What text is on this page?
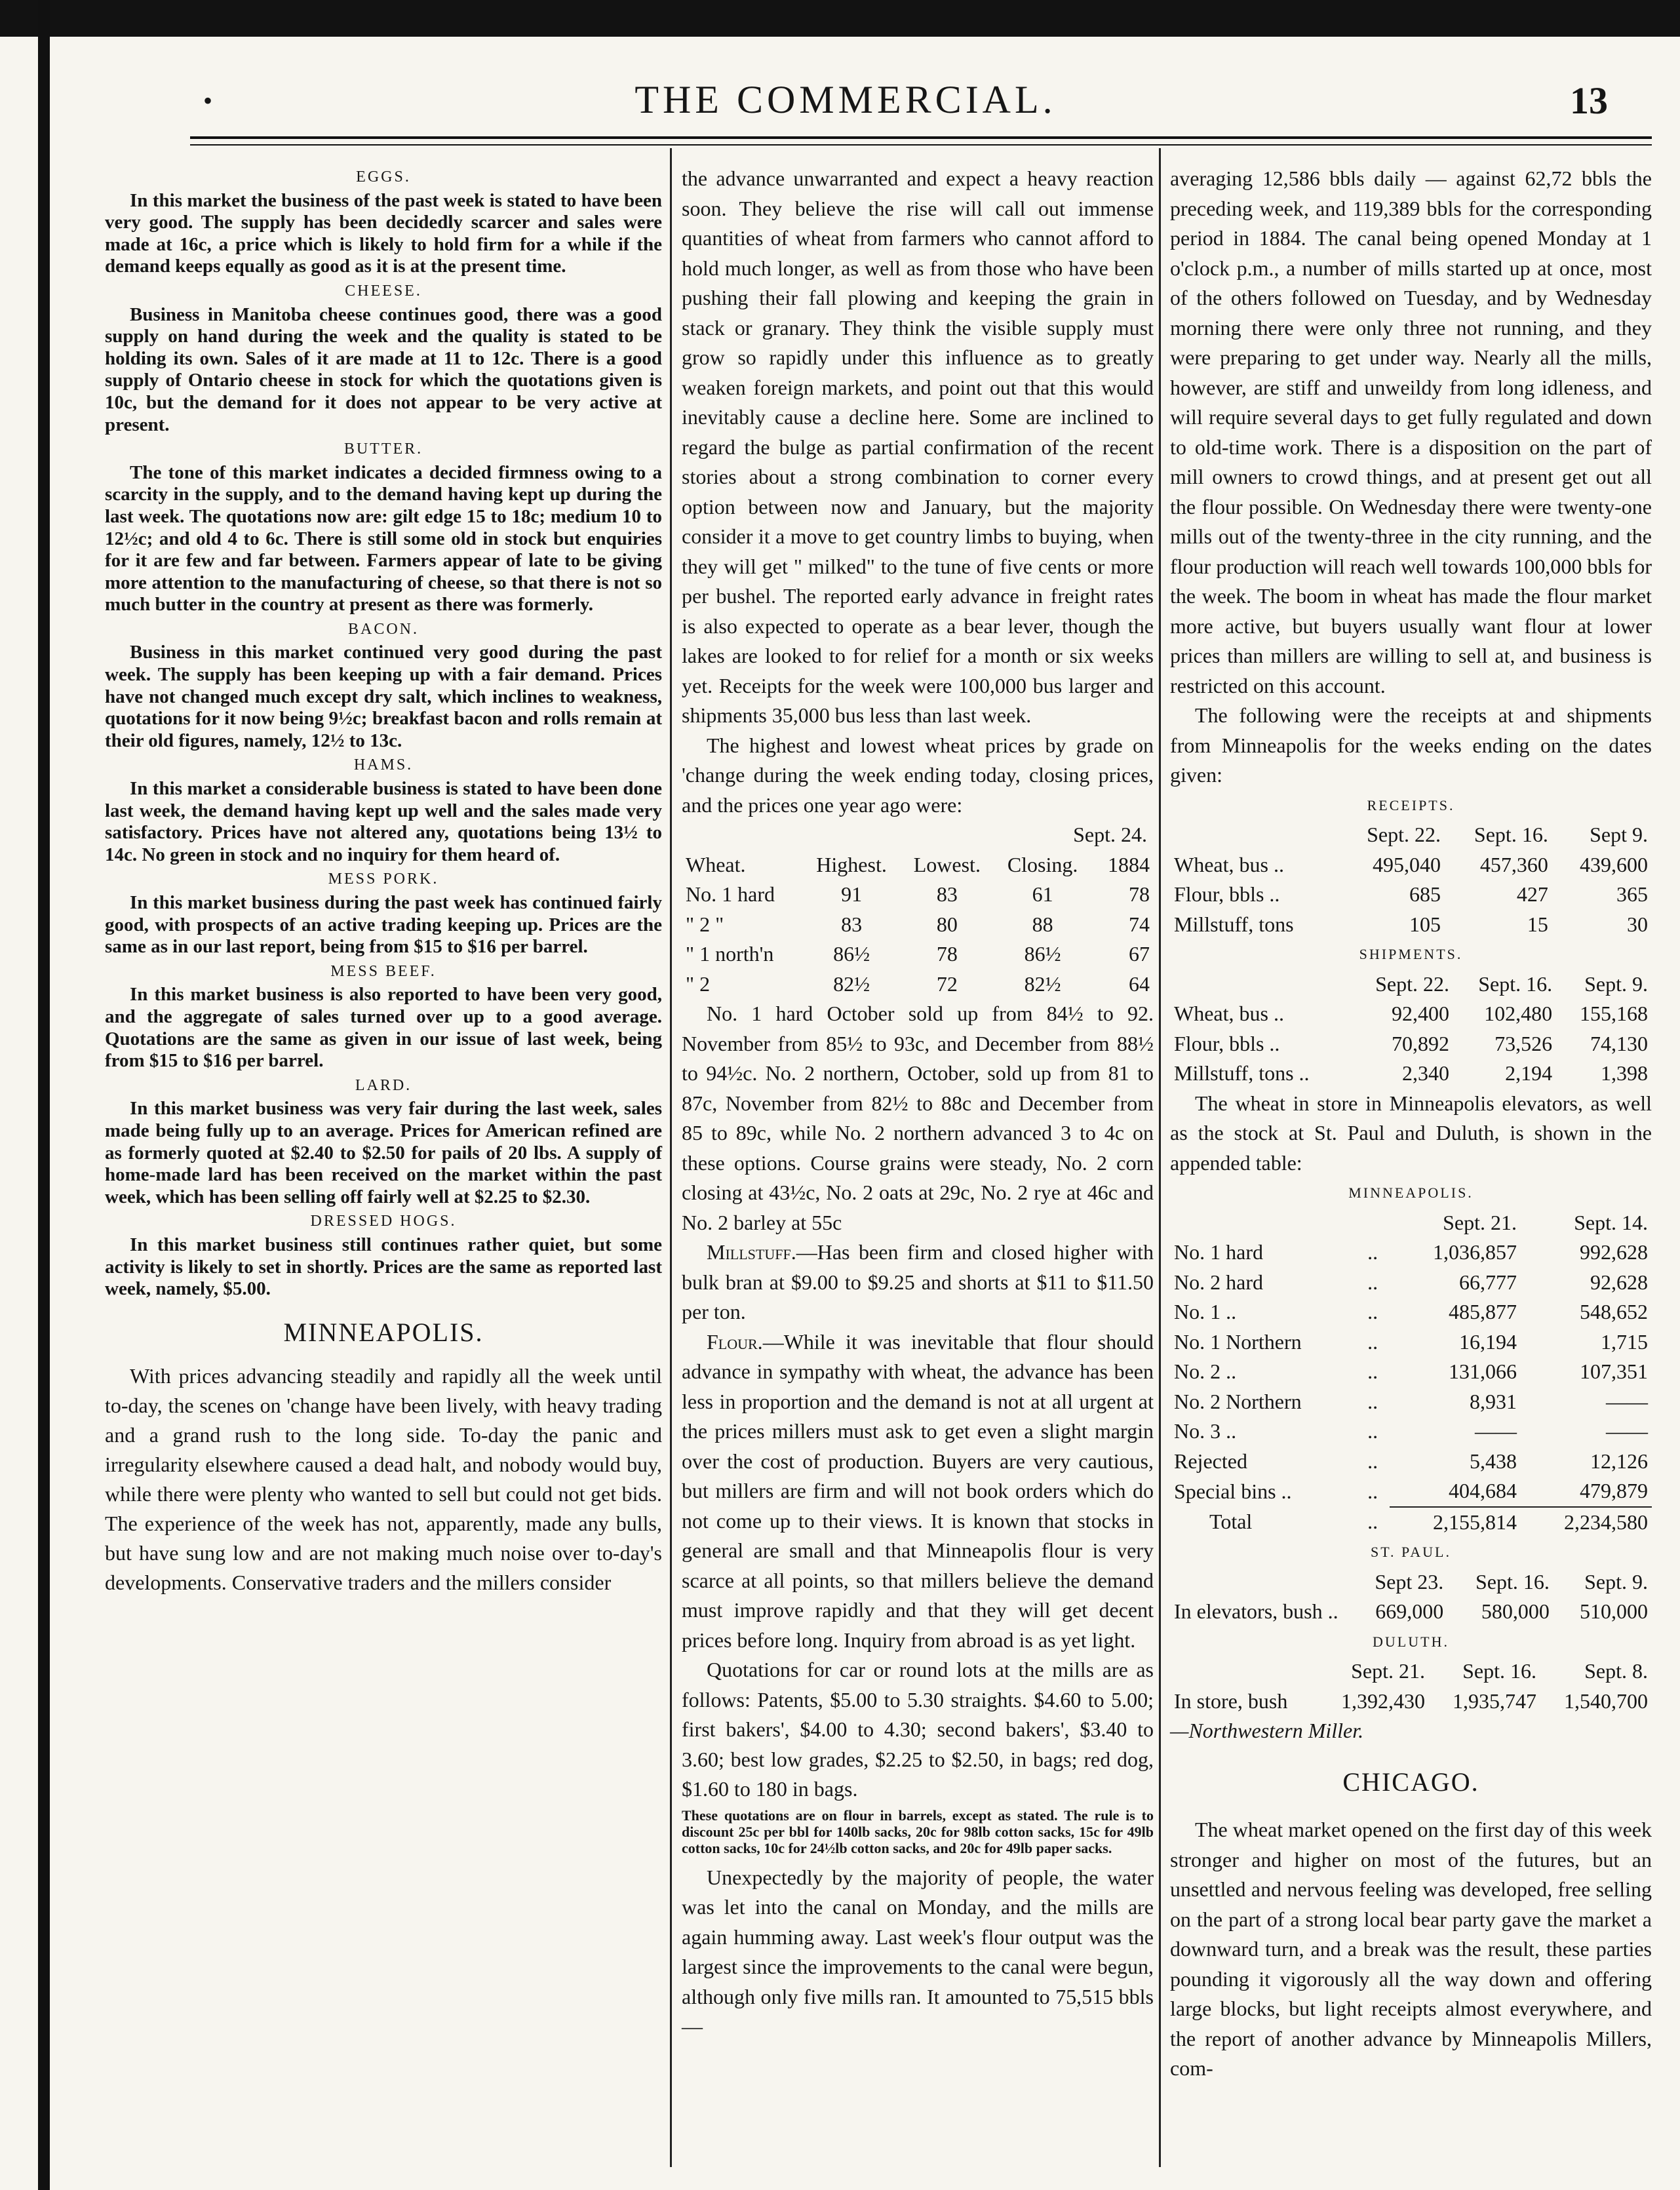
•	THE COMMERCIAL.	13
EGGS.

In this market the business of the past week is stated to have been very good. The supply has been decidedly scarcer and sales were made at 16c, a price which is likely to hold firm for a while if the demand keeps equally as good as it is at the present time.

CHEESE.

Business in Manitoba cheese continues good, there was a good supply on hand during the week and the quality is stated to be holding its own. Sales of it are made at 11 to 12c. There is a good supply of Ontario cheese in stock for which the quotations given is 10c, but the demand for it does not appear to be very active at present.

BUTTER.

The tone of this market indicates a decided firmness owing to a scarcity in the supply, and to the demand having kept up during the last week. The quotations now are: gilt edge 15 to 18c; medium 10 to 12½c; and old 4 to 6c. There is still some old in stock but enquiries for it are few and far between. Farmers appear of late to be giving more attention to the manufacturing of cheese, so that there is not so much butter in the country at present as there was formerly.

BACON.

Business in this market continued very good during the past week. The supply has been keeping up with a fair demand. Prices have not changed much except dry salt, which inclines to weakness, quotations for it now being 9½c; breakfast bacon and rolls remain at their old figures, namely, 12½ to 13c.

HAMS.

In this market a considerable business is stated to have been done last week, the demand having kept up well and the sales made very satisfactory. Prices have not altered any, quotations being 13½ to 14c. No green in stock and no inquiry for them heard of.

MESS PORK.

In this market business during the past week has continued fairly good, with prospects of an active trading keeping up. Prices are the same as in our last report, being from $15 to $16 per barrel.

MESS BEEF.

In this market business is also reported to have been very good, and the aggregate of sales turned over up to a good average. Quotations are the same as given in our issue of last week, being from $15 to $16 per barrel.

LARD.

In this market business was very fair during the last week, sales made being fully up to an average. Prices for American refined are as formerly quoted at $2.40 to $2.50 for pails of 20 lbs. A supply of home-made lard has been received on the market within the past week, which has been selling off fairly well at $2.25 to $2.30.

DRESSED HOGS.

In this market business still continues rather quiet, but some activity is likely to set in shortly. Prices are the same as reported last week, namely, $5.00.

MINNEAPOLIS.

With prices advancing steadily and rapidly all the week until to-day, the scenes on 'change have been lively, with heavy trading and a grand rush to the long side. To-day the panic and irregularity elsewhere caused a dead halt, and nobody would buy, while there were plenty who wanted to sell but could not get bids. The experience of the week has not, apparently, made any bulls, but have sung low and are not making much noise over to-day's developments. Conservative traders and the millers consider

the advance unwarranted and expect a heavy reaction soon. They believe the rise will call out immense quantities of wheat from farmers who cannot afford to hold much longer, as well as from those who have been pushing their fall plowing and keeping the grain in stack or granary. They think the visible supply must grow so rapidly under this influence as to greatly weaken foreign markets, and point out that this would inevitably cause a decline here. Some are inclined to regard the bulge as partial confirmation of the recent stories about a strong combination to corner every option between now and January, but the majority consider it a move to get country limbs to buying, when they will get " milked" to the tune of five cents or more per bushel. The reported early advance in freight rates is also expected to operate as a bear lever, though the lakes are looked to for relief for a month or six weeks yet. Receipts for the week were 100,000 bus larger and shipments 35,000 bus less than last week.

The highest and lowest wheat prices by grade on 'change during the week ending today, closing prices, and the prices one year ago were:

Sept. 24.
Wheat.	Highest.	Lowest.	Closing.	1884
No. 1 hard	91	83	61	78
" 2 "	83	80	88	74
" 1 north'n	86½	78	86½	67
" 2	82½	72	82½	64

No. 1 hard October sold up from 84½ to 92. November from 85½ to 93c, and December from 88½ to 94½c. No. 2 northern, October, sold up from 81 to 87c, November from 82½ to 88c and December from 85 to 89c, while No. 2 northern advanced 3 to 4c on these options. Course grains were steady, No. 2 corn closing at 43½c, No. 2 oats at 29c, No. 2 rye at 46c and No. 2 barley at 55c

Millstuff.—Has been firm and closed higher with bulk bran at $9.00 to $9.25 and shorts at $11 to $11.50 per ton.

Flour.—While it was inevitable that flour should advance in sympathy with wheat, the advance has been less in proportion and the demand is not at all urgent at the prices millers must ask to get even a slight margin over the cost of production. Buyers are very cautious, but millers are firm and will not book orders which do not come up to their views. It is known that stocks in general are small and that Minneapolis flour is very scarce at all points, so that millers believe the demand must improve rapidly and that they will get decent prices before long. Inquiry from abroad is as yet light.

Quotations for car or round lots at the mills are as follows: Patents, $5.00 to 5.30 straights. $4.60 to 5.00; first bakers', $4.00 to 4.30; second bakers', $3.40 to 3.60; best low grades, $2.25 to $2.50, in bags; red dog, $1.60 to 180 in bags.

These quotations are on flour in barrels, except as stated. The rule is to discount 25c per bbl for 140lb sacks, 20c for 98lb cotton sacks, 15c for 49lb cotton sacks, 10c for 24½lb cotton sacks, and 20c for 49lb paper sacks.

Unexpectedly by the majority of people, the water was let into the canal on Monday, and the mills are again humming away. Last week's flour output was the largest since the improvements to the canal were begun, although only five mills ran. It amounted to 75,515 bbls—

averaging 12,586 bbls daily — against 62,72 bbls the preceding week, and 119,389 bbls for the corresponding period in 1884. The canal being opened Monday at 1 o'clock p.m., a number of mills started up at once, most of the others followed on Tuesday, and by Wednesday morning there were only three not running, and they were preparing to get under way. Nearly all the mills, however, are stiff and unweildy from long idleness, and will require several days to get fully regulated and down to old-time work. There is a disposition on the part of mill owners to crowd things, and at present get out all the flour possible. On Wednesday there were twenty-one mills out of the twenty-three in the city running, and the flour production will reach well towards 100,000 bbls for the week. The boom in wheat has made the flour market more active, but buyers usually want flour at lower prices than millers are willing to sell at, and business is restricted on this account.

The following were the receipts at and shipments from Minneapolis for the weeks ending on the dates given:

RECEIPTS.
	Sept. 22.	Sept. 16.	Sept 9.
Wheat, bus ..	495,040	457,360	439,600
Flour, bbls ..	685	427	365
Millstuff, tons	105	15	30
SHIPMENTS.
	Sept. 22.	Sept. 16.	Sept. 9.
Wheat, bus ..	92,400	102,480	155,168
Flour, bbls ..	70,892	73,526	74,130
Millstuff, tons ..	2,340	2,194	1,398

The wheat in store in Minneapolis elevators, as well as the stock at St. Paul and Duluth, is shown in the appended table:

MINNEAPOLIS.
		Sept. 21.	Sept. 14.
No. 1 hard	..	1,036,857	992,628
No. 2 hard	..	66,777	92,628
No. 1 ..	..	485,877	548,652
No. 1 Northern	..	16,194	1,715
No. 2 ..	..	131,066	107,351
No. 2 Northern	..	8,931	——
No. 3 ..	..	——	——
Rejected	..	5,438	12,126
Special bins ..	..	404,684	479,879
Total	..	2,155,814	2,234,580
ST. PAUL.
	Sept 23.	Sept. 16.	Sept. 9.
In elevators, bush ..	669,000	580,000	510,000
DULUTH.
	Sept. 21.	Sept. 16.	Sept. 8.
In store, bush	1,392,430	1,935,747	1,540,700
—Northwestern Miller.
CHICAGO.

The wheat market opened on the first day of this week stronger and higher on most of the futures, but an unsettled and nervous feeling was developed, free selling on the part of a strong local bear party gave the market a downward turn, and a break was the result, these parties pounding it vigorously all the way down and offering large blocks, but light receipts almost everywhere, and the report of another advance by Minneapolis Millers, com-
